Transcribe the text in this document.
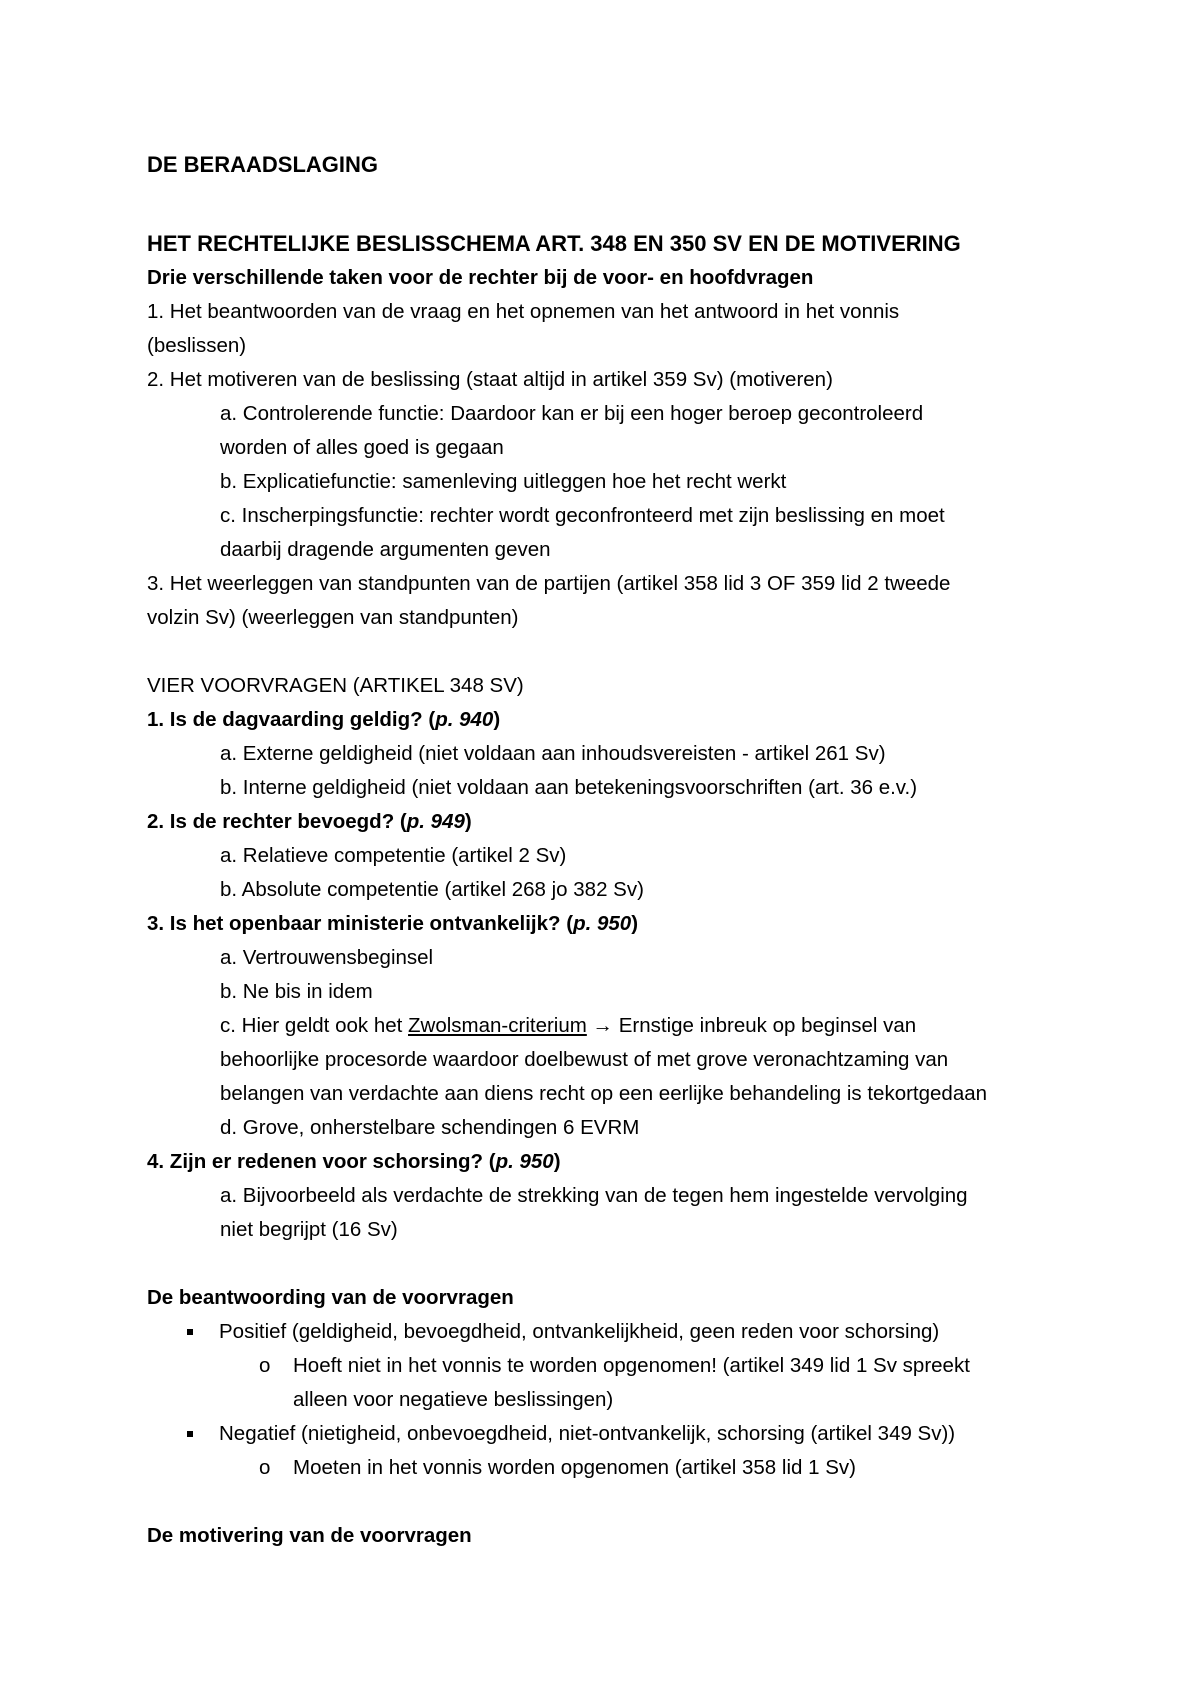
DE BERAADSLAGING
HET RECHTELIJKE BESLISSCHEMA ART. 348 EN 350 SV EN DE MOTIVERING
Drie verschillende taken voor de rechter bij de voor- en hoofdvragen
1. Het beantwoorden van de vraag en het opnemen van het antwoord in het vonnis
(beslissen)
2. Het motiveren van de beslissing (staat altijd in artikel 359 Sv) (motiveren)
a. Controlerende functie: Daardoor kan er bij een hoger beroep gecontroleerd
worden of alles goed is gegaan
b. Explicatiefunctie: samenleving uitleggen hoe het recht werkt
c. Inscherpingsfunctie: rechter wordt geconfronteerd met zijn beslissing en moet
daarbij dragende argumenten geven
3. Het weerleggen van standpunten van de partijen (artikel 358 lid 3 OF 359 lid 2 tweede
volzin Sv) (weerleggen van standpunten)
VIER VOORVRAGEN (ARTIKEL 348 SV)
1. Is de dagvaarding geldig? (p. 940)
a. Externe geldigheid (niet voldaan aan inhoudsvereisten - artikel 261 Sv)
b. Interne geldigheid (niet voldaan aan betekeningsvoorschriften (art. 36 e.v.)
2. Is de rechter bevoegd? (p. 949)
a. Relatieve competentie (artikel 2 Sv)
b. Absolute competentie (artikel 268 jo 382 Sv)
3. Is het openbaar ministerie ontvankelijk? (p. 950)
a. Vertrouwensbeginsel
b. Ne bis in idem
c. Hier geldt ook het Zwolsman-criterium → Ernstige inbreuk op beginsel van
behoorlijke procesorde waardoor doelbewust of met grove veronachtzaming van
belangen van verdachte aan diens recht op een eerlijke behandeling is tekortgedaan
d. Grove, onherstelbare schendingen 6 EVRM
4. Zijn er redenen voor schorsing? (p. 950)
a. Bijvoorbeeld als verdachte de strekking van de tegen hem ingestelde vervolging
niet begrijpt (16 Sv)
De beantwoording van de voorvragen
Positief (geldigheid, bevoegdheid, ontvankelijkheid, geen reden voor schorsing)
o Hoeft niet in het vonnis te worden opgenomen! (artikel 349 lid 1 Sv spreekt
alleen voor negatieve beslissingen)
Negatief (nietigheid, onbevoegdheid, niet-ontvankelijk, schorsing (artikel 349 Sv))
o Moeten in het vonnis worden opgenomen (artikel 358 lid 1 Sv)
De motivering van de voorvragen
